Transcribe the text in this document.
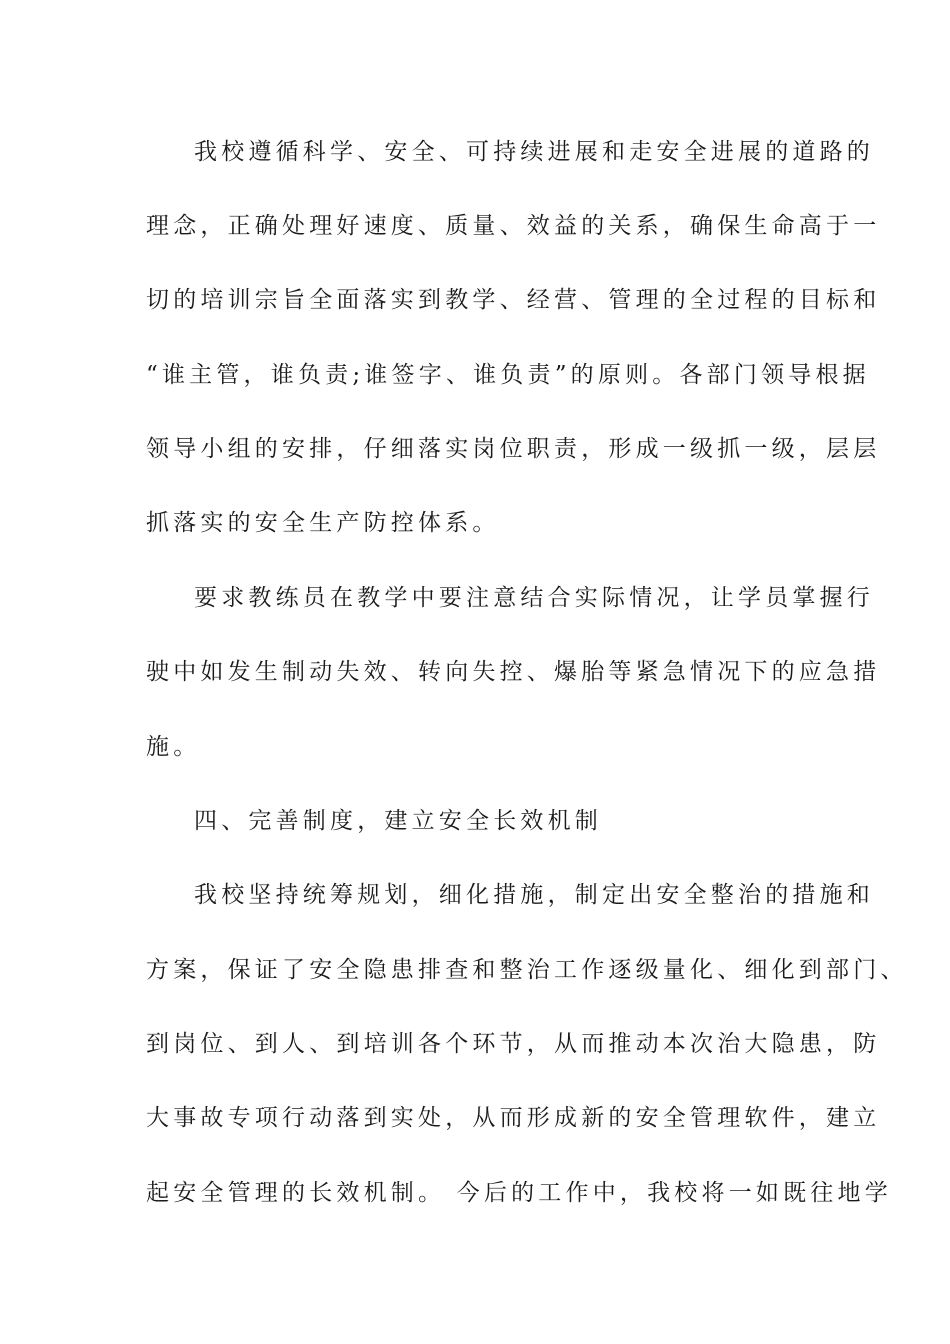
我校遵循科学、安全、可持续进展和走安全进展的道路的
理念，正确处理好速度、质量、效益的关系，确保生命高于一
切的培训宗旨全面落实到教学、经营、管理的全过程的目标和
“谁主管，谁负责;谁签字、谁负责”的原则。各部门领导根据
领导小组的安排，仔细落实岗位职责，形成一级抓一级，层层
抓落实的安全生产防控体系。
要求教练员在教学中要注意结合实际情况，让学员掌握行
驶中如发生制动失效、转向失控、爆胎等紧急情况下的应急措
施。
四、完善制度，建立安全长效机制
我校坚持统筹规划，细化措施，制定出安全整治的措施和
方案，保证了安全隐患排查和整治工作逐级量化、细化到部门、
到岗位、到人、到培训各个环节，从而推动本次治大隐患，防
大事故专项行动落到实处，从而形成新的安全管理软件，建立
起安全管理的长效机制。 今后的工作中，我校将一如既往地学
